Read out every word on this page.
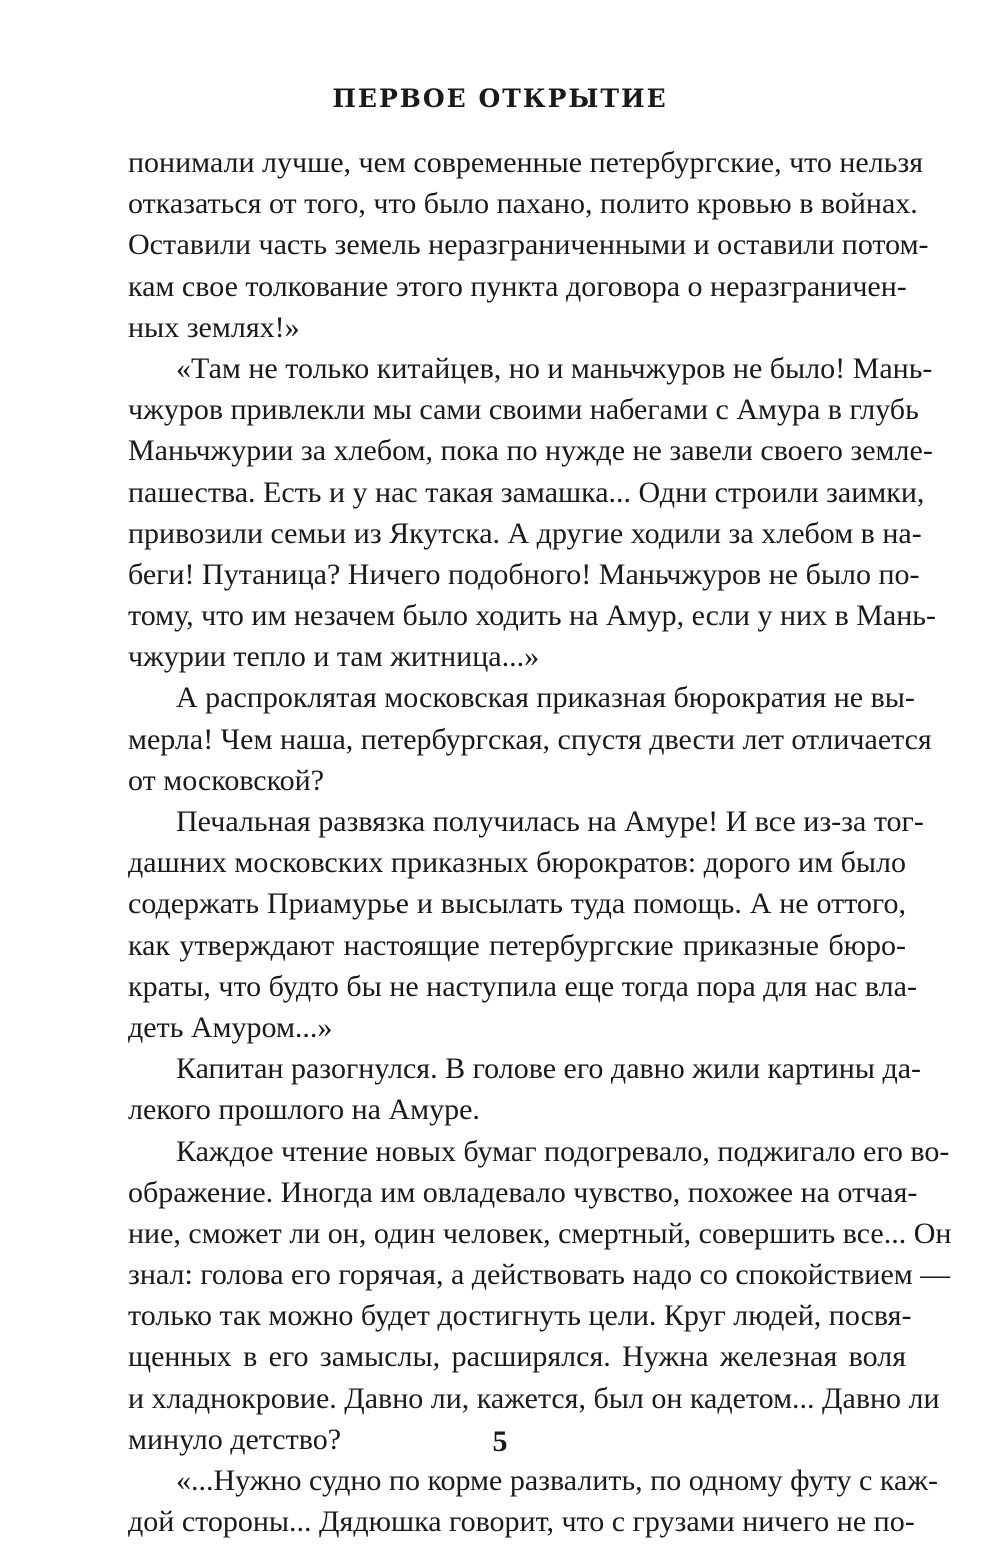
ПЕРВОЕ ОТКРЫТИЕ
понимали лучше, чем современные петербургские, что нельзя
отказаться от того, что было пахано, полито кровью в войнах.
Оставили часть земель неразграниченными и оставили потом-
кам свое толкование этого пункта договора о неразграничен-
ных землях!»
«Там не только китайцев, но и маньчжуров не было! Мань-
чжуров привлекли мы сами своими набегами с Амура в глубь
Маньчжурии за хлебом, пока по нужде не завели своего земле-
пашества. Есть и у нас такая замашка... Одни строили заимки,
привозили семьи из Якутска. А другие ходили за хлебом в на-
беги! Путаница? Ничего подобного! Маньчжуров не было по-
тому, что им незачем было ходить на Амур, если у них в Мань-
чжурии тепло и там житница...»
А распроклятая московская приказная бюрократия не вы-
мерла! Чем наша, петербургская, спустя двести лет отличается
от московской?
Печальная развязка получилась на Амуре! И все из-за тог-
дашних московских приказных бюрократов: дорого им было
содержать Приамурье и высылать туда помощь. А не оттого,
как утверждают настоящие петербургские приказные бюро-
краты, что будто бы не наступила еще тогда пора для нас вла-
деть Амуром...»
Капитан разогнулся. В голове его давно жили картины да-
лекого прошлого на Амуре.
Каждое чтение новых бумаг подогревало, поджигало его во-
ображение. Иногда им овладевало чувство, похожее на отчая-
ние, сможет ли он, один человек, смертный, совершить все... Он
знал: голова его горячая, а действовать надо со спокойствием —
только так можно будет достигнуть цели. Круг людей, посвя-
щенных в его замыслы, расширялся. Нужна железная воля
и хладнокровие. Давно ли, кажется, был он кадетом... Давно ли
минуло детство?
«...Нужно судно по корме развалить, по одному футу с каж-
дой стороны... Дядюшка говорит, что с грузами ничего не по-
5
